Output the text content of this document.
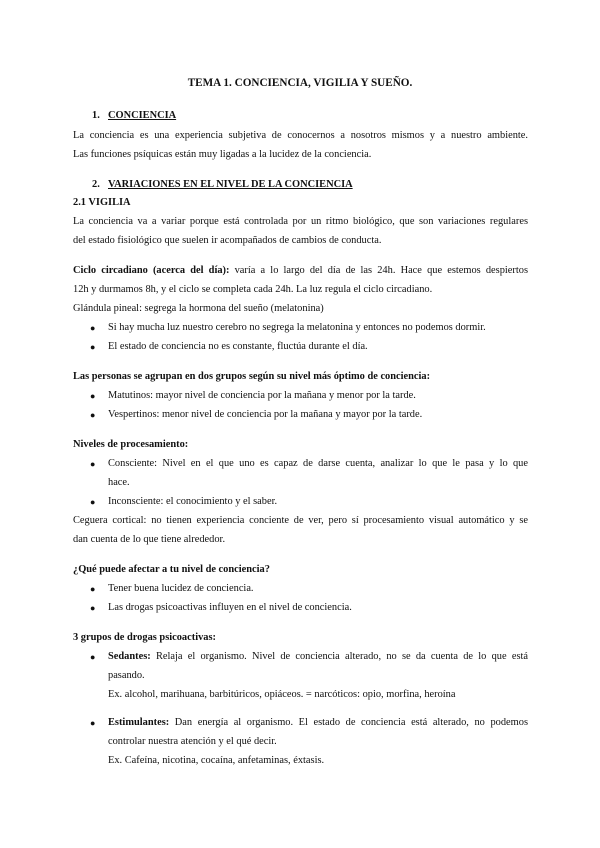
TEMA 1. CONCIENCIA, VIGILIA Y SUEÑO.
1. CONCIENCIA
La conciencia es una experiencia subjetiva de conocernos a nosotros mismos y a nuestro ambiente.
Las funciones psíquicas están muy ligadas a la lucidez de la conciencia.
2. VARIACIONES EN EL NIVEL DE LA CONCIENCIA
2.1 VIGILIA
La conciencia va a variar porque está controlada por un ritmo biológico, que son variaciones regulares
del estado fisiológico que suelen ir acompañados de cambios de conducta.
Ciclo circadiano (acerca del día): varía a lo largo del día de las 24h. Hace que estemos despiertos
12h y durmamos 8h, y el ciclo se completa cada 24h. La luz regula el ciclo circadiano.
Glándula pineal: segrega la hormona del sueño (melatonina)
● Si hay mucha luz nuestro cerebro no segrega la melatonina y entonces no podemos dormir.
● El estado de conciencia no es constante, fluctúa durante el día.
Las personas se agrupan en dos grupos según su nivel más óptimo de conciencia:
● Matutinos: mayor nivel de conciencia por la mañana y menor por la tarde.
● Vespertinos: menor nivel de conciencia por la mañana y mayor por la tarde.
Niveles de procesamiento:
● Consciente: Nivel en el que uno es capaz de darse cuenta, analizar lo que le pasa y lo que
hace.
● Inconsciente: el conocimiento y el saber.
Ceguera cortical: no tienen experiencia conciente de ver, pero sí procesamiento visual automático y se
dan cuenta de lo que tiene alrededor.
¿Qué puede afectar a tu nivel de conciencia?
● Tener buena lucidez de conciencia.
● Las drogas psicoactivas influyen en el nivel de conciencia.
3 grupos de drogas psicoactivas:
● Sedantes: Relaja el organismo. Nivel de conciencia alterado, no se da cuenta de lo que está
pasando.
Ex. alcohol, marihuana, barbitúricos, opiáceos. = narcóticos: opio, morfina, heroína
● Estimulantes: Dan energía al organismo. El estado de conciencia está alterado, no podemos
controlar nuestra atención y el qué decir.
Ex. Cafeína, nicotina, cocaína, anfetaminas, éxtasis.
